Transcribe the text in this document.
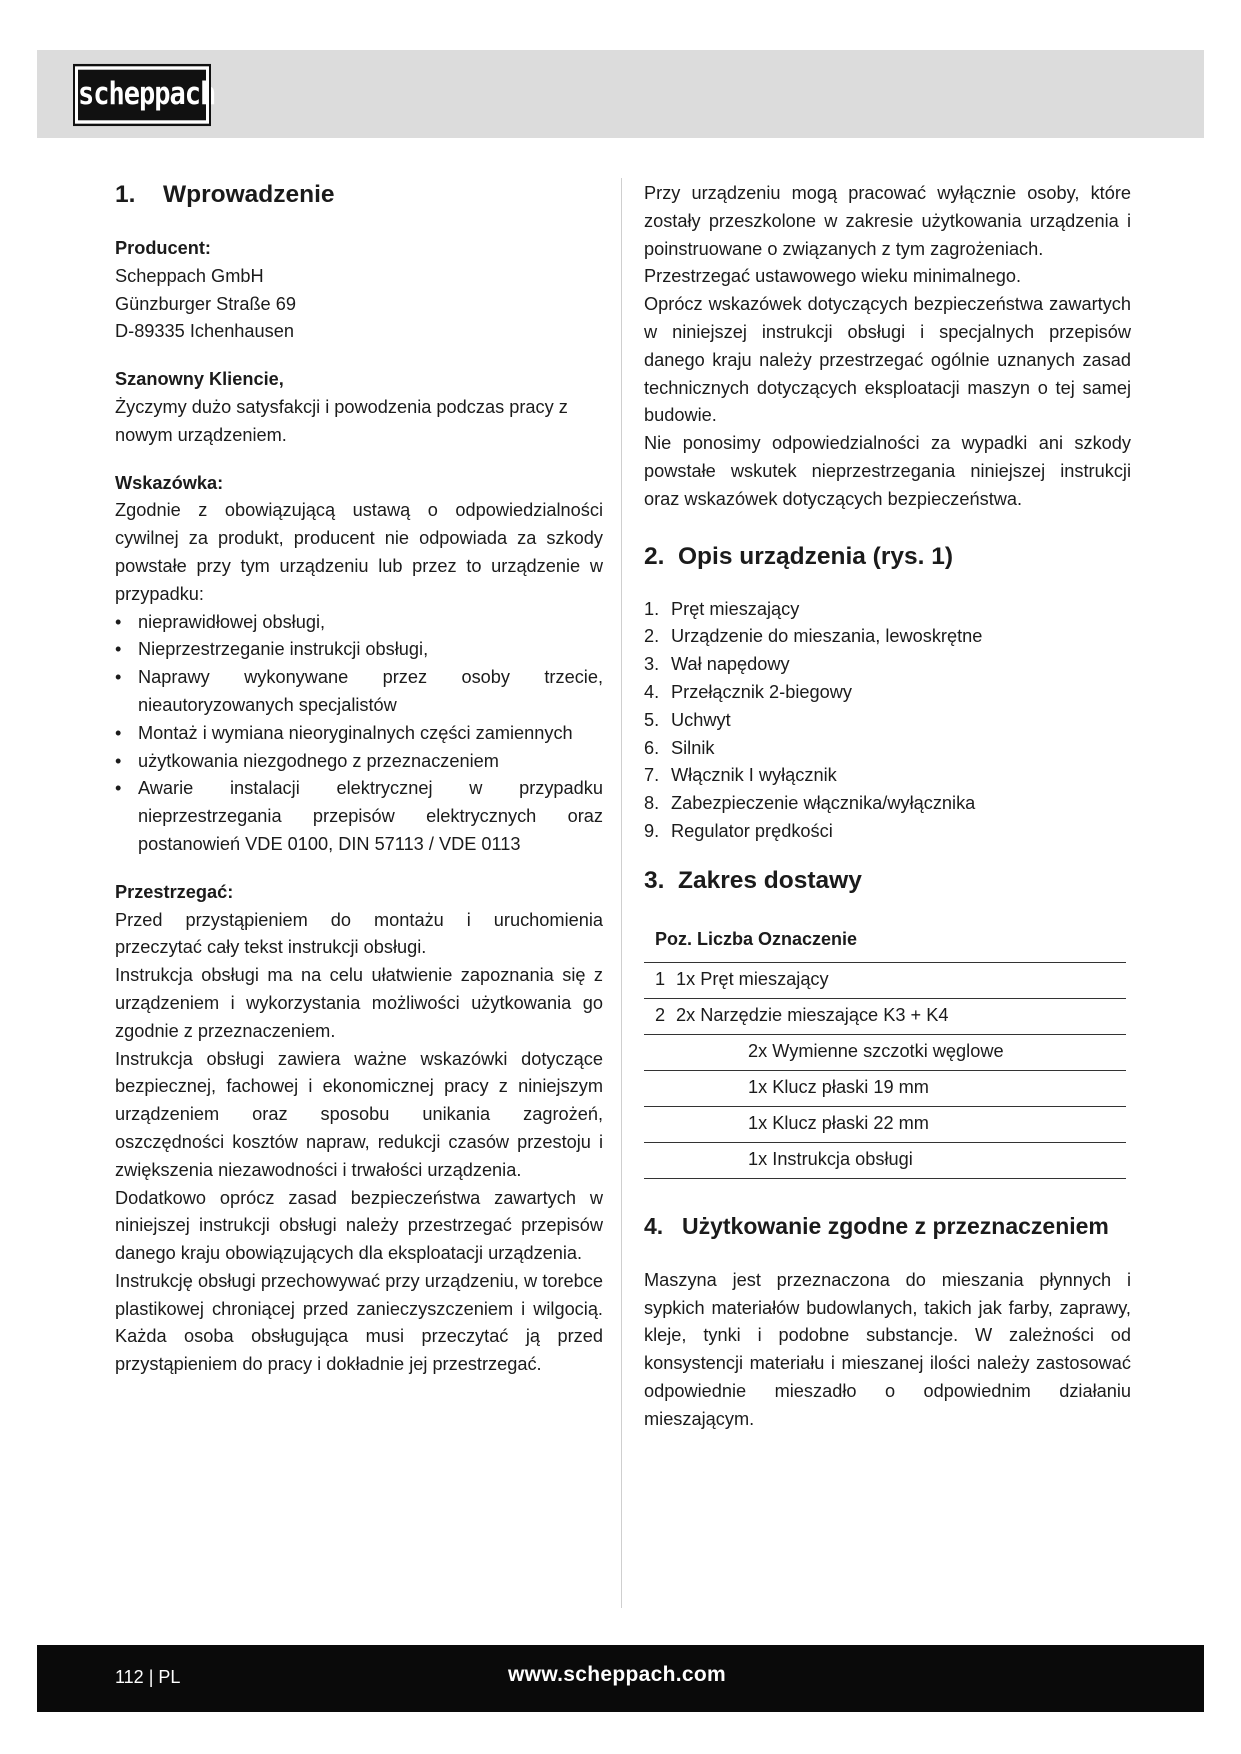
scheppach
1.	Wprowadzenie

Producent:

Scheppach GmbH

Günzburger Straße 69

D-89335 Ichenhausen

Szanowny Kliencie,

Życzymy dużo satysfakcji i powodzenia podczas pracy z nowym urządzeniem.

Wskazówka:

Zgodnie z obowiązującą ustawą o odpowiedzialności cywilnej za produkt, producent nie odpowiada za szkody powstałe przy tym urządzeniu lub przez to urządzenie w przypadku:

• nieprawidłowej obsługi,
• Nieprzestrzeganie instrukcji obsługi,
• Naprawy wykonywane przez osoby trzecie, nieautoryzowanych specjalistów
• Montaż i wymiana nieoryginalnych części zamiennych
• użytkowania niezgodnego z przeznaczeniem
• Awarie instalacji elektrycznej w przypadku nieprzestrzegania przepisów elektrycznych oraz postanowień VDE 0100, DIN 57113 / VDE 0113

Przestrzegać:

Przed przystąpieniem do montażu i uruchomienia przeczytać cały tekst instrukcji obsługi.

Instrukcja obsługi ma na celu ułatwienie zapoznania się z urządzeniem i wykorzystania możliwości użytkowania go zgodnie z przeznaczeniem.

Instrukcja obsługi zawiera ważne wskazówki dotyczące bezpiecznej, fachowej i ekonomicznej pracy z niniejszym urządzeniem oraz sposobu unikania zagrożeń, oszczędności kosztów napraw, redukcji czasów przestoju i zwiększenia niezawodności i trwałości urządzenia.

Dodatkowo oprócz zasad bezpieczeństwa zawartych w niniejszej instrukcji obsługi należy przestrzegać przepisów danego kraju obowiązujących dla eksploatacji urządzenia.

Instrukcję obsługi przechowywać przy urządzeniu, w torebce plastikowej chroniącej przed zanieczyszczeniem i wilgocią. Każda osoba obsługująca musi przeczytać ją przed przystąpieniem do pracy i dokładnie jej przestrzegać.

Przy urządzeniu mogą pracować wyłącznie osoby, które zostały przeszkolone w zakresie użytkowania urządzenia i poinstruowane o związanych z tym zagrożeniach.

Przestrzegać ustawowego wieku minimalnego.

Oprócz wskazówek dotyczących bezpieczeństwa zawartych w niniejszej instrukcji obsługi i specjalnych przepisów danego kraju należy przestrzegać ogólnie uznanych zasad technicznych dotyczących eksploatacji maszyn o tej samej budowie.

Nie ponosimy odpowiedzialności za wypadki ani szkody powstałe wskutek nieprzestrzegania niniejszej instrukcji oraz wskazówek dotyczących bezpieczeństwa.

2. Opis urządzenia (rys. 1)
1. Pręt mieszający
2. Urządzenie do mieszania, lewoskrętne
3. Wał napędowy
4. Przełącznik 2-biegowy
5. Uchwyt
6. Silnik
7. Włącznik I wyłącznik
8. Zabezpieczenie włącznika/wyłącznika
9. Regulator prędkości
3. Zakres dostawy
Poz. Liczba Oznaczenie	
1	1x Pręt mieszający
2	2x Narzędzie mieszające K3 + K4
2x Wymienne szczotki węglowe	
1x Klucz płaski 19 mm	
1x Klucz płaski 22 mm	
1x Instrukcja obsługi	
4. Użytkowanie zgodne z przeznaczeniem

Maszyna jest przeznaczona do mieszania płynnych i sypkich materiałów budowlanych, takich jak farby, zaprawy, kleje, tynki i podobne substancje. W zależności od konsystencji materiału i mieszanej ilości należy zastosować odpowiednie mieszadło o odpowiednim działaniu mieszającym.

112 | PL	www.scheppach.com
